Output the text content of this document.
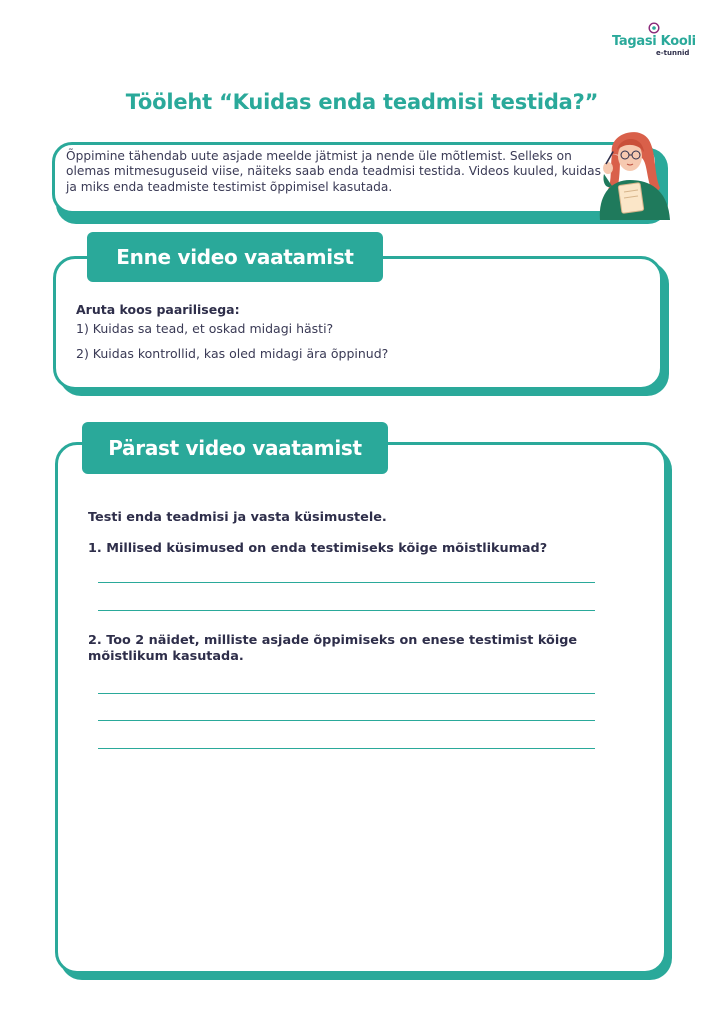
Tagasi Kooli
e-tunnid
Tööleht “Kuidas enda teadmisi testida?”
Õppimine tähendab uute asjade meelde jätmist ja nende üle mõtlemist. Selleks on olemas mitmesuguseid viise, näiteks saab enda teadmisi testida. Videos kuuled, kuidas ja miks enda teadmiste testimist õppimisel kasutada.
Enne video vaatamist
Aruta koos paarilisega:
1) Kuidas sa tead, et oskad midagi hästi?
2) Kuidas kontrollid, kas oled midagi ära õppinud?
Pärast video vaatamist
Testi enda teadmisi ja vasta küsimustele.
1. Millised küsimused on enda testimiseks kõige mõistlikumad?
2. Too 2 näidet, milliste asjade õppimiseks on enese testimist kõige mõistlikum kasutada.
